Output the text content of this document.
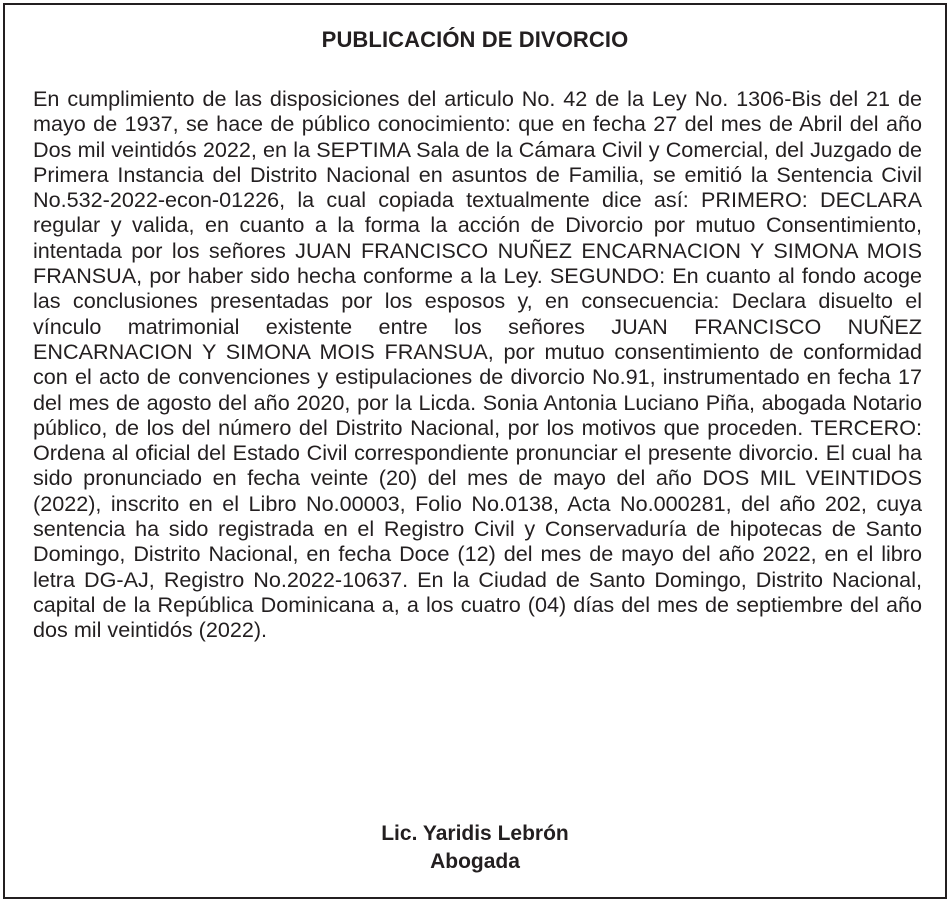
PUBLICACIÓN DE DIVORCIO

En cumplimiento de las disposiciones del articulo No. 42 de la Ley No. 1306-Bis del 21 de mayo de 1937, se hace de público conocimiento: que en fecha 27 del mes de Abril del año Dos mil veintidós 2022, en la SEPTIMA Sala de la Cámara Civil y Comercial, del Juzgado de Primera Instancia del Distrito Nacional en asuntos de Familia, se emitió la Sentencia Civil No.532-2022-econ-01226, la cual copiada textualmente dice así: PRIMERO: DECLARA regular y valida, en cuanto a la forma la acción de Divorcio por mutuo Consentimiento, intentada por los señores JUAN FRANCISCO NUÑEZ ENCARNACION Y SIMONA MOIS FRANSUA, por haber sido hecha conforme a la Ley. SEGUNDO: En cuanto al fondo acoge las conclusiones presentadas por los esposos y, en consecuencia: Declara disuelto el vínculo matrimonial existente entre los señores JUAN FRANCISCO NUÑEZ ENCARNACION Y SIMONA MOIS FRANSUA, por mutuo consentimiento de conformidad con el acto de convenciones y estipulaciones de divorcio No.91, instrumentado en fecha 17 del mes de agosto del año 2020, por la Licda. Sonia Antonia Luciano Piña, abogada Notario público, de los del número del Distrito Nacional, por los motivos que proceden. TERCERO: Ordena al oficial del Estado Civil correspondiente pronunciar el presente divorcio. El cual ha sido pronunciado en fecha veinte (20) del mes de mayo del año DOS MIL VEINTIDOS (2022), inscrito en el Libro No.00003, Folio No.0138, Acta No.000281, del año 202, cuya sentencia ha sido registrada en el Registro Civil y Conservaduría de hipotecas de Santo Domingo, Distrito Nacional, en fecha Doce (12) del mes de mayo del año 2022, en el libro letra DG-AJ, Registro No.2022-10637. En la Ciudad de Santo Domingo, Distrito Nacional, capital de la República Dominicana a, a los cuatro (04) días del mes de septiembre del año dos mil veintidós (2022).

Lic. Yaridis Lebrón
Abogada
